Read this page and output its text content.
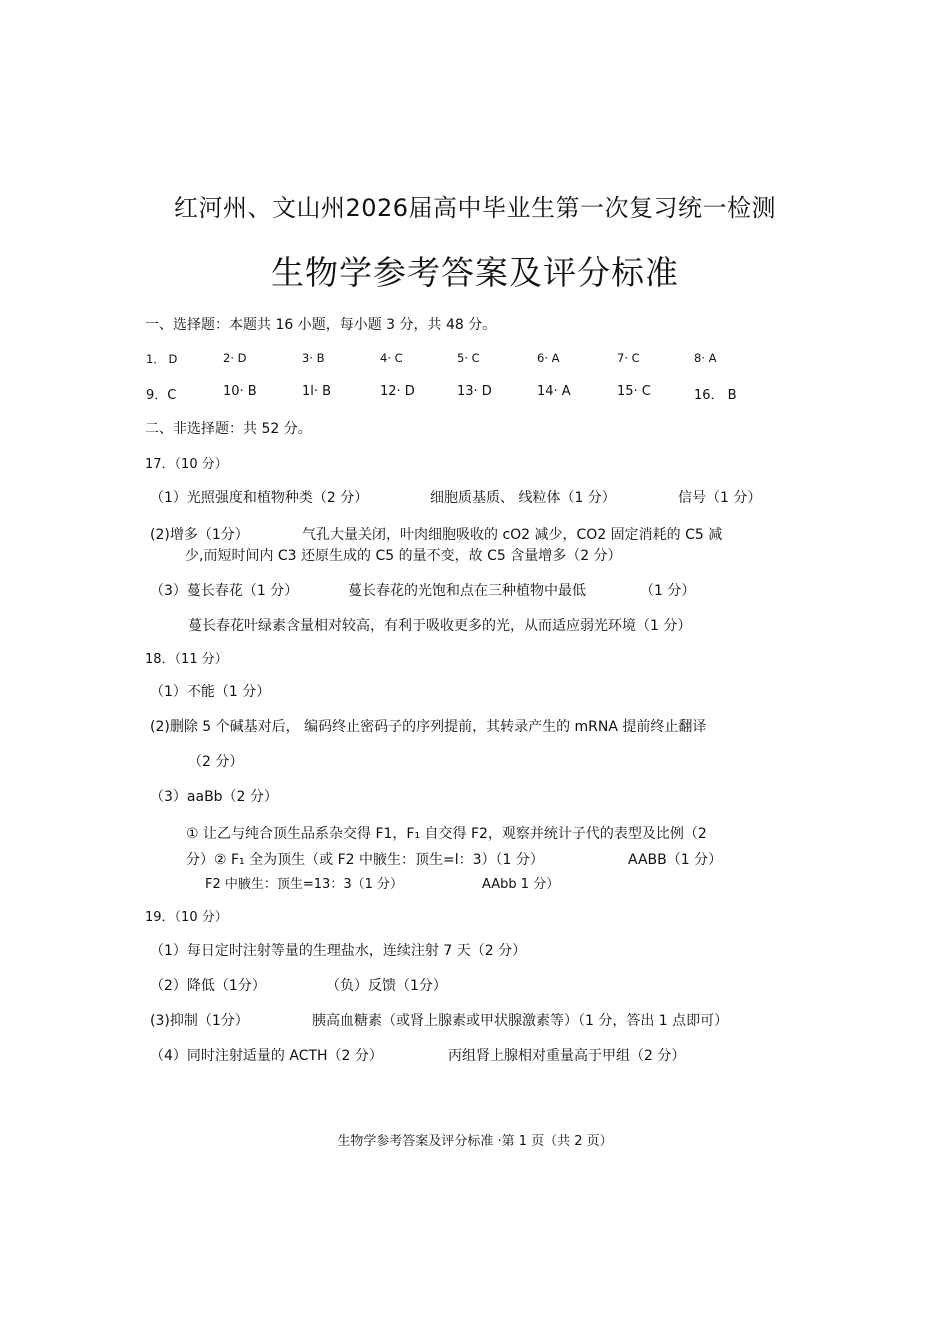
红河州、文山州2026届高中毕业生第一次复习统一检测
生物学参考答案及评分标准
一、选择题：本题共 16 小题，每小题 3 分，共 48 分。
1． D	2· D	3· B	4· C	5· C	6· A	7· C	8· A
9．C	10· B	1l· B	12· D	13· D	14· A	15· C	16． B
二、非选择题：共 52 分。
17．（10 分）
（1）光照强度和植物种类（2 分）	细胞质基质、 线粒体（1 分）	信号（1 分）
(2)增多（1分）	气孔大量关闭，叶肉细胞吸收的 cO2 减少，CO2 固定消耗的 C5 减
少,而短时间内 C3 还原生成的 C5 的量不变，故 C5 含量增多（2 分）
（3）蔓长春花（1 分）	蔓长春花的光饱和点在三种植物中最低	（1 分）
蔓长春花叶绿素含量相对较高，有利于吸收更多的光，从而适应弱光环境（1 分）
18．（11 分）
（1）不能（1 分）
(2)删除 5 个碱基对后， 编码终止密码子的序列提前，其转录产生的 mRNA 提前终止翻译
（2 分）
（3）aaBb（2 分）
① 让乙与纯合顶生品系杂交得 F1，F₁ 自交得 F2，观察并统计子代的表型及比例（2
分）② F₁ 全为顶生（或 F2 中腋生：顶生=l：3）（1 分）	AABB（1 分）
F2 中腋生：顶生=13：3（1 分）	AAbb 1 分）
19．（10 分）
（1）每日定时注射等量的生理盐水，连续注射 7 天（2 分）
（2）降低（1分）	（负）反馈（1分）
(3)抑制（1分）	胰高血糖素（或肾上腺素或甲状腺激素等）（1 分，答出 1 点即可）
（4）同时注射适量的 ACTH（2 分）	丙组肾上腺相对重量高于甲组（2 分）
生物学参考答案及评分标准 ·第 1 页（共 2 页）
